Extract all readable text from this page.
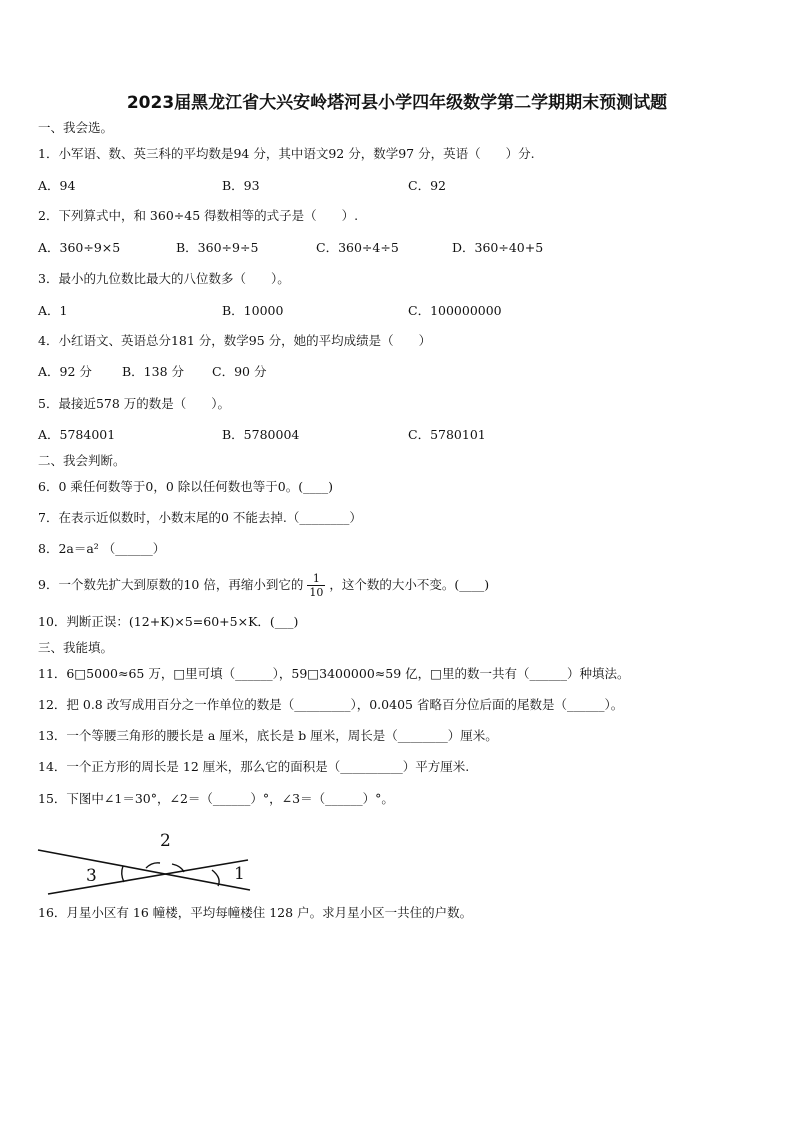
2023届黑龙江省大兴安岭塔河县小学四年级数学第二学期期末预测试题
一、我会选。
1．小军语、数、英三科的平均数是94 分，其中语文92 分，数学97 分，英语（　　）分.
A．94	B．93	C．92
2．下列算式中，和 360÷45 得数相等的式子是（　　）.
A．360÷9×5	B．360÷9÷5	C．360÷4÷5	D．360÷40+5
3．最小的九位数比最大的八位数多（　　）。
A．1	B．10000	C．100000000
4．小红语文、英语总分181 分，数学95 分，她的平均成绩是（　　）
A．92 分 B．138 分 C．90 分
5．最接近578 万的数是（　　）。
A．5784001	B．5780004	C．5780101
二、我会判断。
6．0 乘任何数等于0，0 除以任何数也等于0。(____)
7．在表示近似数时，小数末尾的0 不能去掉.（________）
8．2a＝a² （______）
9．一个数先扩大到原数的10 倍，再缩小到它的 $\frac{1}{10}$ ，这个数的大小不变。(____)
10．判断正误：(12+K)×5=60+5×K．(___)
三、我能填。
11．6□5000≈65 万，□里可填（______），59□3400000≈59 亿，□里的数一共有（______）种填法。
12．把 0.8 改写成用百分之一作单位的数是（_________），0.0405 省略百分位后面的尾数是（______）。
13．一个等腰三角形的腰长是 a 厘米，底长是 b 厘米，周长是（________）厘米。
14．一个正方形的周长是 12 厘米，那么它的面积是（__________）平方厘米.
15．下图中∠1＝30°，∠2＝（______）°，∠3＝（______）°。
2
3	1
16．月星小区有 16 幢楼，平均每幢楼住 128 户。求月星小区一共住的户数。
